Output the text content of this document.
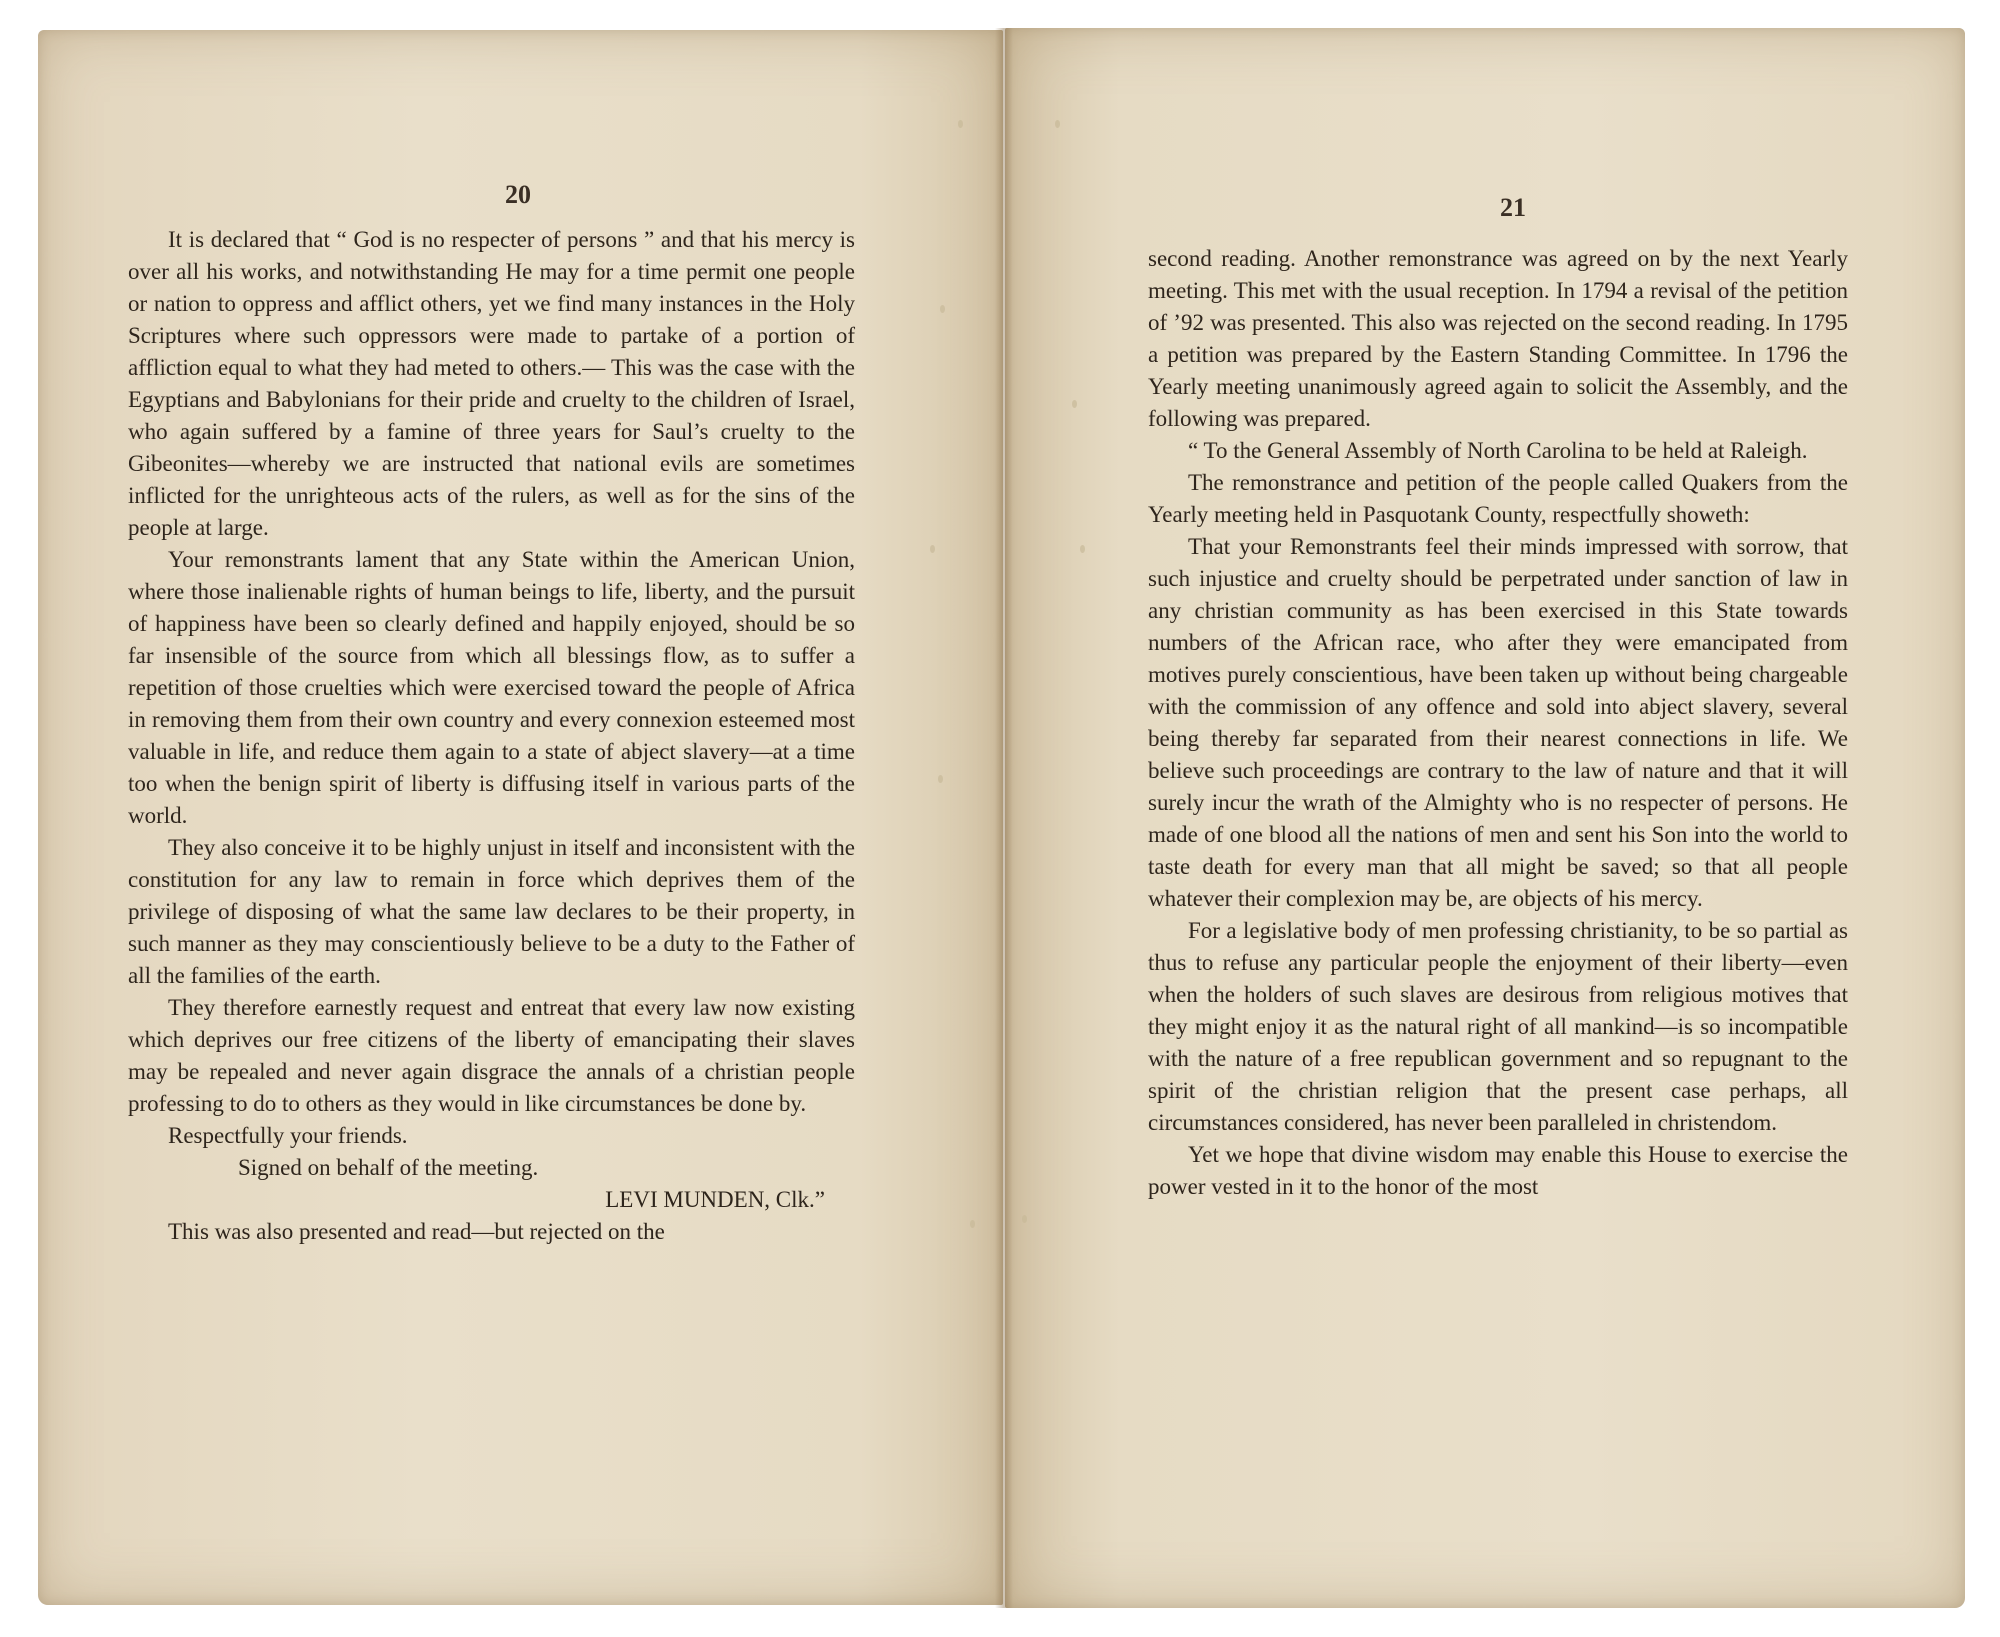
20

It is declared that “ God is no respecter of persons ” and that his mercy is over all his works, and notwithstanding He may for a time permit one people or nation to oppress and afflict others, yet we find many instances in the Holy Scriptures where such oppressors were made to partake of a portion of affliction equal to what they had meted to others.— This was the case with the Egyptians and Babylonians for their pride and cruelty to the children of Israel, who again suffered by a famine of three years for Saul’s cruelty to the Gibeonites—whereby we are instructed that national evils are sometimes inflicted for the unrighteous acts of the rulers, as well as for the sins of the people at large.

Your remonstrants lament that any State within the American Union, where those inalienable rights of human beings to life, liberty, and the pursuit of happiness have been so clearly defined and happily enjoyed, should be so far insensible of the source from which all blessings flow, as to suffer a repetition of those cruelties which were exercised toward the people of Africa in removing them from their own country and every connexion esteemed most valuable in life, and reduce them again to a state of abject slavery—at a time too when the benign spirit of liberty is diffusing itself in various parts of the world.

They also conceive it to be highly unjust in itself and inconsistent with the constitution for any law to remain in force which deprives them of the privilege of disposing of what the same law declares to be their property, in such manner as they may conscientiously believe to be a duty to the Father of all the families of the earth.

They therefore earnestly request and entreat that every law now existing which deprives our free citizens of the liberty of emancipating their slaves may be repealed and never again disgrace the annals of a christian people professing to do to others as they would in like circumstances be done by.

Respectfully your friends.

Signed on behalf of the meeting.

LEVI MUNDEN, Clk.”

This was also presented and read—but rejected on the

21

second reading. Another remonstrance was agreed on by the next Yearly meeting. This met with the usual reception. In 1794 a revisal of the petition of ’92 was presented. This also was rejected on the second reading. In 1795 a petition was prepared by the Eastern Standing Committee. In 1796 the Yearly meeting unanimously agreed again to solicit the Assembly, and the following was prepared.

“ To the General Assembly of North Carolina to be held at Raleigh.

The remonstrance and petition of the people called Quakers from the Yearly meeting held in Pasquotank County, respectfully showeth:

That your Remonstrants feel their minds impressed with sorrow, that such injustice and cruelty should be perpetrated under sanction of law in any christian community as has been exercised in this State towards numbers of the African race, who after they were emancipated from motives purely conscientious, have been taken up without being chargeable with the commission of any offence and sold into abject slavery, several being thereby far separated from their nearest connections in life. We believe such proceedings are contrary to the law of nature and that it will surely incur the wrath of the Almighty who is no respecter of persons. He made of one blood all the nations of men and sent his Son into the world to taste death for every man that all might be saved; so that all people whatever their complexion may be, are objects of his mercy.

For a legislative body of men professing christianity, to be so partial as thus to refuse any particular people the enjoyment of their liberty—even when the holders of such slaves are desirous from religious motives that they might enjoy it as the natural right of all mankind—is so incompatible with the nature of a free republican government and so repugnant to the spirit of the christian religion that the present case perhaps, all circumstances considered, has never been paralleled in christendom.

Yet we hope that divine wisdom may enable this House to exercise the power vested in it to the honor of the most
